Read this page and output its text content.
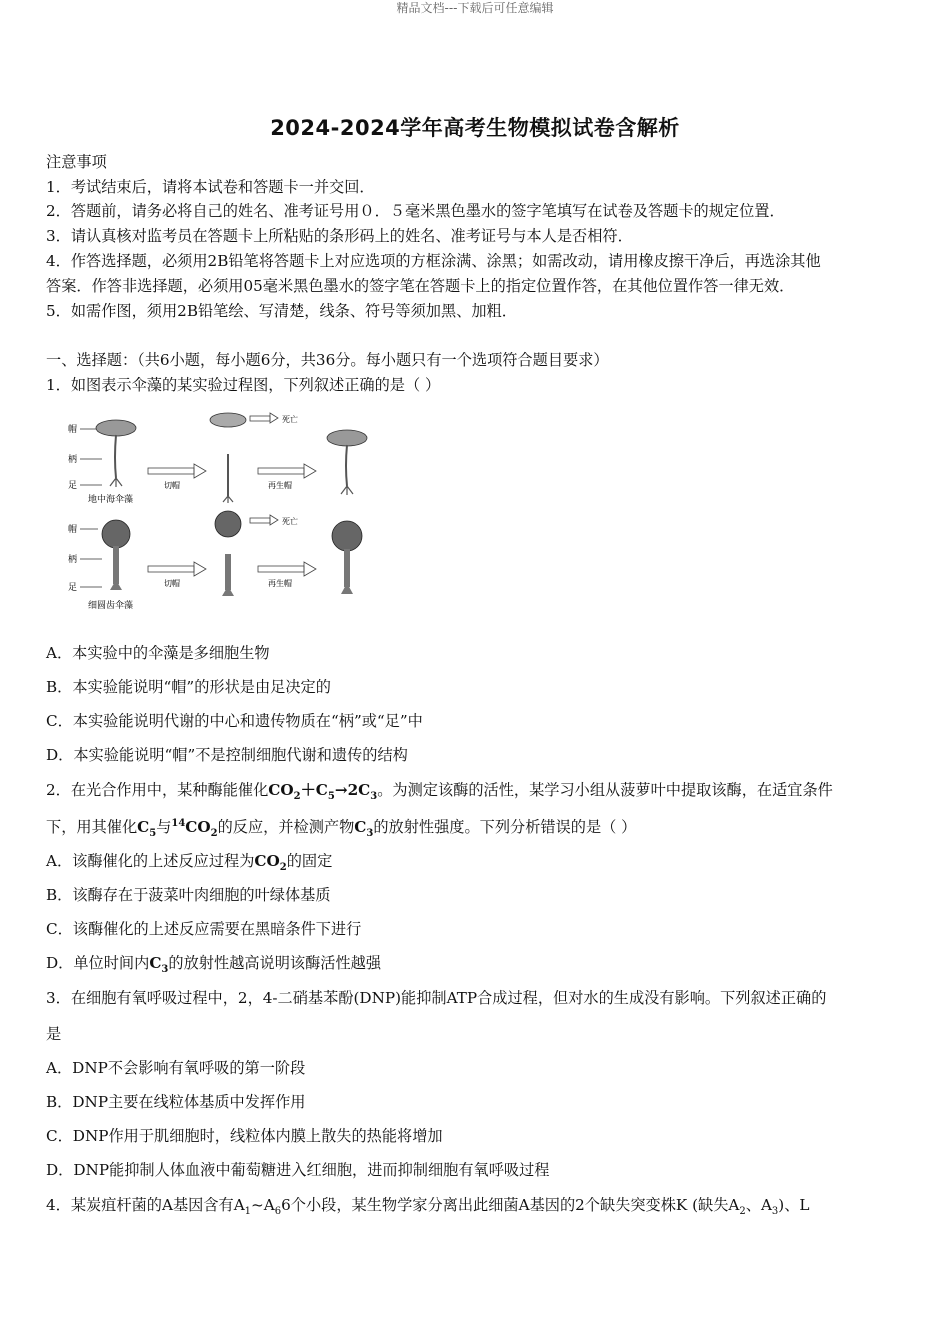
精品文档---下载后可任意编辑
2024-2024学年高考生物模拟试卷含解析
注意事项
1．考试结束后，请将本试卷和答题卡一并交回．
2．答题前，请务必将自己的姓名、准考证号用０．５毫米黑色墨水的签字笔填写在试卷及答题卡的规定位置．
3．请认真核对监考员在答题卡上所粘贴的条形码上的姓名、准考证号与本人是否相符．
4．作答选择题，必须用2B铅笔将答题卡上对应选项的方框涂满、涂黑；如需改动，请用橡皮擦干净后，再选涂其他
答案．作答非选择题，必须用05毫米黑色墨水的签字笔在答题卡上的指定位置作答，在其他位置作答一律无效．
5．如需作图，须用2B铅笔绘、写清楚，线条、符号等须加黑、加粗．
一、选择题：（共6小题，每小题6分，共36分。每小题只有一个选项符合题目要求）
1．如图表示伞藻的某实验过程图，下列叙述正确的是（ ）
帽
柄
足
地中海伞藻
切帽
死亡
再生帽
帽
柄
足
细圆齿伞藻
切帽
死亡
再生帽
A．本实验中的伞藻是多细胞生物
B．本实验能说明“帽”的形状是由足决定的
C．本实验能说明代谢的中心和遗传物质在“柄”或“足”中
D．本实验能说明“帽”不是控制细胞代谢和遗传的结构
2．在光合作用中，某种酶能催化$CO_2+C_5\to 2C_3$。为测定该酶的活性，某学习小组从菠萝叶中提取该酶，在适宜条件
下，用其催化$C_5$与$^{14}CO_2$的反应，并检测产物$C_3$的放射性强度。下列分析错误的是（ ）
A．该酶催化的上述反应过程为$CO_2$的固定
B．该酶存在于菠菜叶肉细胞的叶绿体基质
C．该酶催化的上述反应需要在黑暗条件下进行
D．单位时间内$C_3$的放射性越高说明该酶活性越强
3．在细胞有氧呼吸过程中，2，4-二硝基苯酚(DNP)能抑制ATP合成过程，但对水的生成没有影响。下列叙述正确的
是
A．DNP不会影响有氧呼吸的第一阶段
B．DNP主要在线粒体基质中发挥作用
C．DNP作用于肌细胞时，线粒体内膜上散失的热能将增加
D．DNP能抑制人体血液中葡萄糖进入红细胞，进而抑制细胞有氧呼吸过程
4．某炭疽杆菌的A基因含有$A_1\sim A_66$个小段，某生物学家分离出此细菌A基因的2个缺失突变株K (缺失$A_2$、$A_3$)、L
